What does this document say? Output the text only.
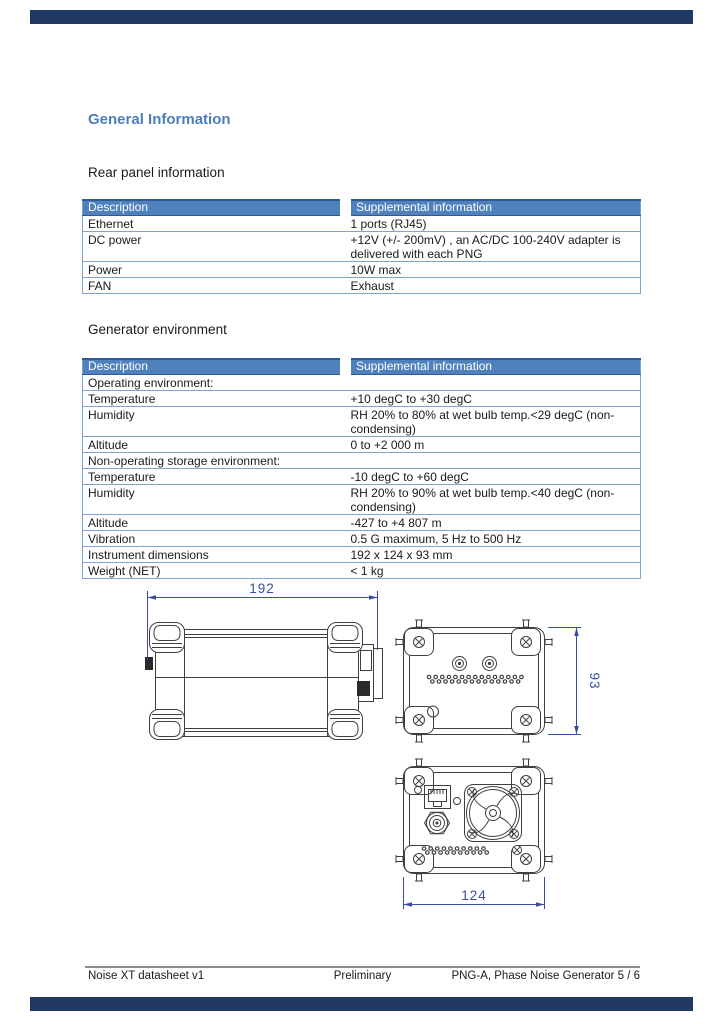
General Information
Rear panel information
Description	Supplemental information
Ethernet	1 ports (RJ45)
DC power	+12V (+/- 200mV) , an AC/DC 100-240V adapter is delivered with each PNG
Power	10W max
FAN	Exhaust
Generator environment
Description	Supplemental information
Operating environment:	
Temperature	+10 degC to +30 degC
Humidity	RH 20% to 80% at wet bulb temp.<29 degC (non-condensing)
Altitude	0 to +2 000 m
Non-operating storage environment:	
Temperature	-10 degC to +60 degC
Humidity	RH 20% to 90% at wet bulb temp.<40 degC (non-condensing)
Altitude	-427 to +4 807 m
Vibration	0.5 G maximum, 5 Hz to 500 Hz
Instrument dimensions	192 x 124 x 93 mm
Weight (NET)	< 1 kg
192
93
124
Noise XT datasheet v1	Preliminary	PNG-A, Phase Noise Generator 5 / 6
